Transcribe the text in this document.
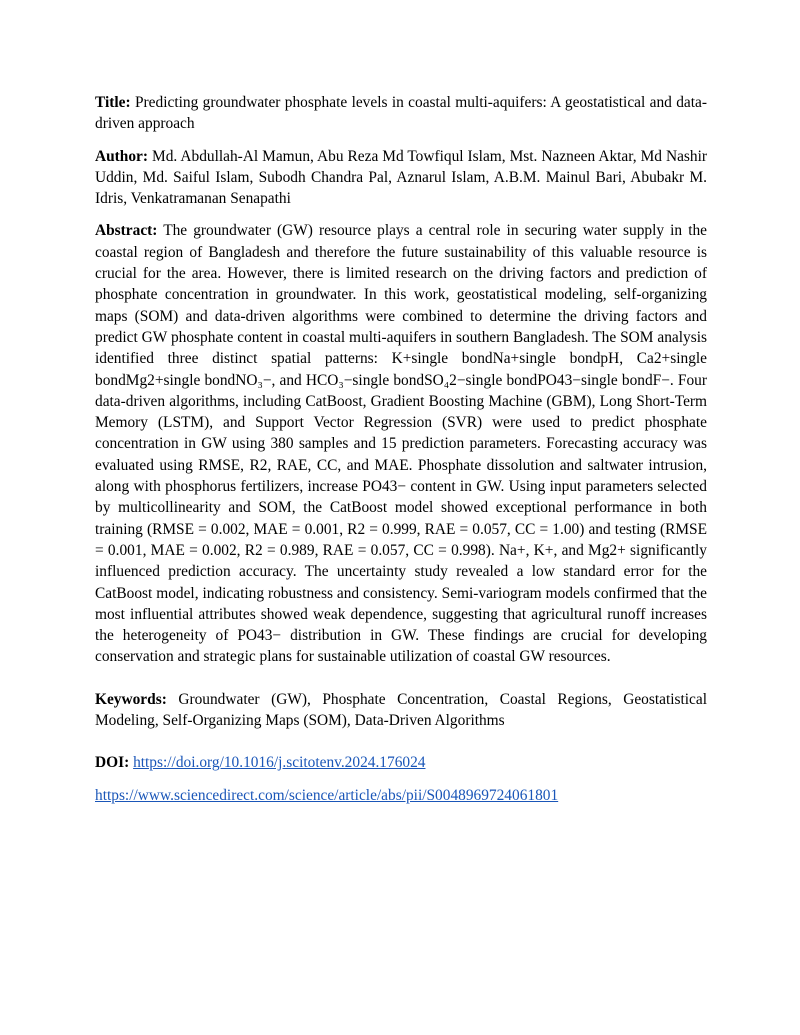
Title: Predicting groundwater phosphate levels in coastal multi-aquifers: A geostatistical and data-driven approach

Author: Md. Abdullah-Al Mamun, Abu Reza Md Towfiqul Islam, Mst. Nazneen Aktar, Md Nashir Uddin, Md. Saiful Islam, Subodh Chandra Pal, Aznarul Islam, A.B.M. Mainul Bari, Abubakr M. Idris, Venkatramanan Senapathi

Abstract: The groundwater (GW) resource plays a central role in securing water supply in the coastal region of Bangladesh and therefore the future sustainability of this valuable resource is crucial for the area. However, there is limited research on the driving factors and prediction of phosphate concentration in groundwater. In this work, geostatistical modeling, self-organizing maps (SOM) and data-driven algorithms were combined to determine the driving factors and predict GW phosphate content in coastal multi-aquifers in southern Bangladesh. The SOM analysis identified three distinct spatial patterns: K+single bondNa+single bondpH, Ca2+single bondMg2+single bondNO₃−, and HCO₃−single bondSO₄2−single bondPO43−single bondF−. Four data-driven algorithms, including CatBoost, Gradient Boosting Machine (GBM), Long Short-Term Memory (LSTM), and Support Vector Regression (SVR) were used to predict phosphate concentration in GW using 380 samples and 15 prediction parameters. Forecasting accuracy was evaluated using RMSE, R2, RAE, CC, and MAE. Phosphate dissolution and saltwater intrusion, along with phosphorus fertilizers, increase PO43− content in GW. Using input parameters selected by multicollinearity and SOM, the CatBoost model showed exceptional performance in both training (RMSE = 0.002, MAE = 0.001, R2 = 0.999, RAE = 0.057, CC = 1.00) and testing (RMSE = 0.001, MAE = 0.002, R2 = 0.989, RAE = 0.057, CC = 0.998). Na+, K+, and Mg2+ significantly influenced prediction accuracy. The uncertainty study revealed a low standard error for the CatBoost model, indicating robustness and consistency. Semi-variogram models confirmed that the most influential attributes showed weak dependence, suggesting that agricultural runoff increases the heterogeneity of PO43− distribution in GW. These findings are crucial for developing conservation and strategic plans for sustainable utilization of coastal GW resources.

Keywords: Groundwater (GW), Phosphate Concentration, Coastal Regions, Geostatistical Modeling, Self-Organizing Maps (SOM), Data-Driven Algorithms

DOI: https://doi.org/10.1016/j.scitotenv.2024.176024

https://www.sciencedirect.com/science/article/abs/pii/S0048969724061801
